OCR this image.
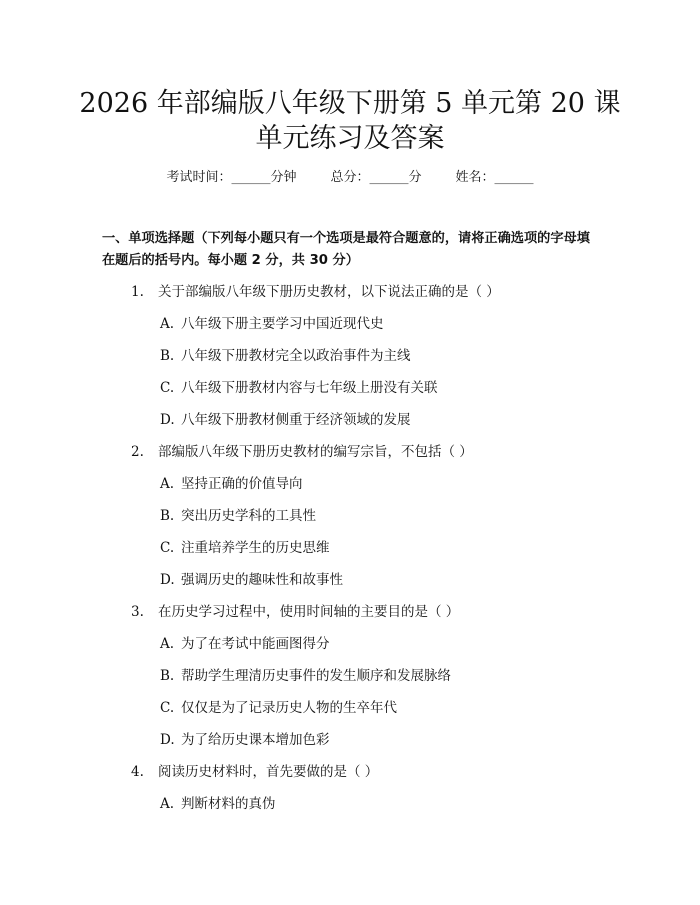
2026 年部编版八年级下册第 5 单元第 20 课
单元练习及答案
考试时间：______分钟	总分：______分	姓名：______
一、单项选择题（下列每小题只有一个选项是最符合题意的，请将正确选项的字母填在题后的括号内。每小题 2 分，共 30 分）
1. 关于部编版八年级下册历史教材，以下说法正确的是（ ）
A. 八年级下册主要学习中国近现代史
B. 八年级下册教材完全以政治事件为主线
C. 八年级下册教材内容与七年级上册没有关联
D. 八年级下册教材侧重于经济领域的发展
2. 部编版八年级下册历史教材的编写宗旨，不包括（ ）
A. 坚持正确的价值导向
B. 突出历史学科的工具性
C. 注重培养学生的历史思维
D. 强调历史的趣味性和故事性
3. 在历史学习过程中，使用时间轴的主要目的是（ ）
A. 为了在考试中能画图得分
B. 帮助学生理清历史事件的发生顺序和发展脉络
C. 仅仅是为了记录历史人物的生卒年代
D. 为了给历史课本增加色彩
4. 阅读历史材料时，首先要做的是（ ）
A. 判断材料的真伪
